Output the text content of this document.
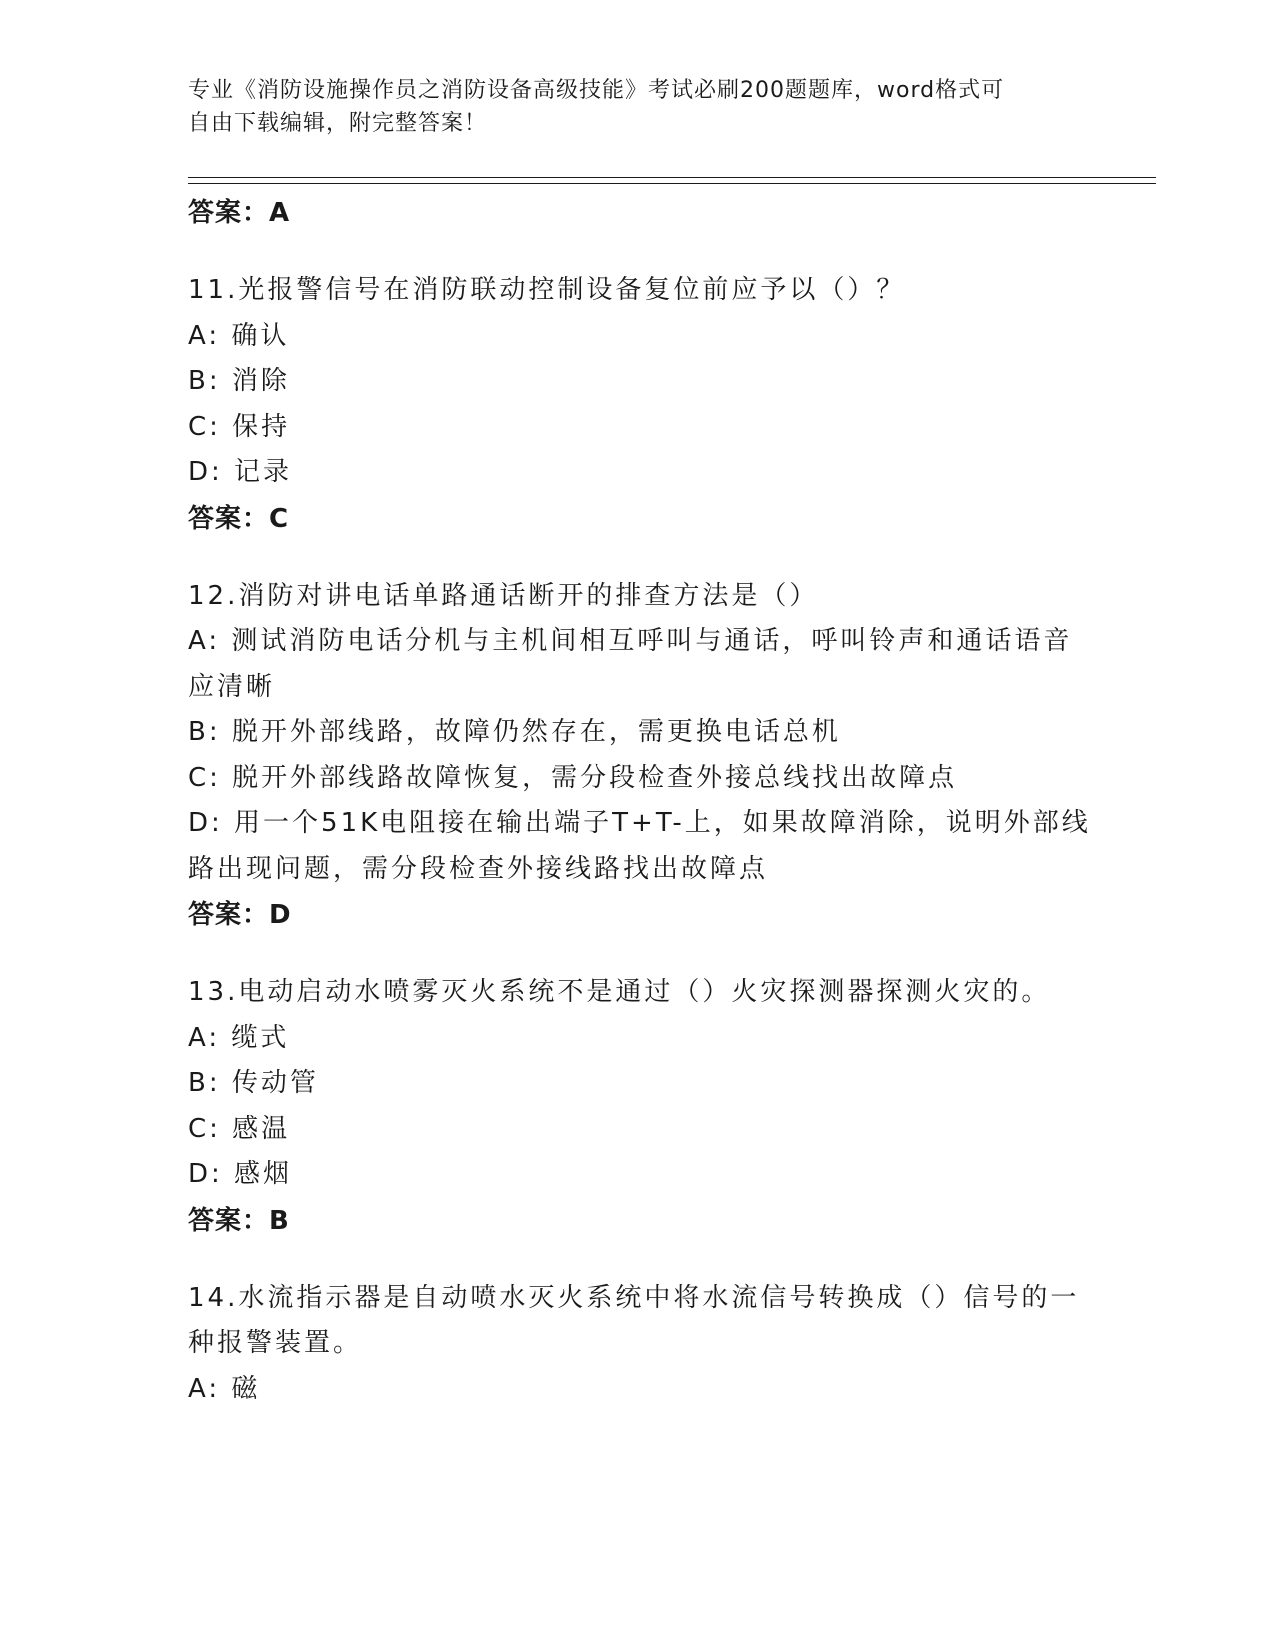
专业《消防设施操作员之消防设备高级技能》考试必刷200题题库，word格式可
自由下载编辑，附完整答案！
答案：A
11.光报警信号在消防联动控制设备复位前应予以（）？
A: 确认
B: 消除
C: 保持
D: 记录
答案：C
12.消防对讲电话单路通话断开的排查方法是（）
A: 测试消防电话分机与主机间相互呼叫与通话，呼叫铃声和通话语音
应清晰
B: 脱开外部线路，故障仍然存在，需更换电话总机
C: 脱开外部线路故障恢复，需分段检查外接总线找出故障点
D: 用一个51K电阻接在输出端子T+T-上，如果故障消除，说明外部线
路出现问题，需分段检查外接线路找出故障点
答案：D
13.电动启动水喷雾灭火系统不是通过（）火灾探测器探测火灾的。
A: 缆式
B: 传动管
C: 感温
D: 感烟
答案：B
14.水流指示器是自动喷水灭火系统中将水流信号转换成（）信号的一
种报警装置。
A: 磁
